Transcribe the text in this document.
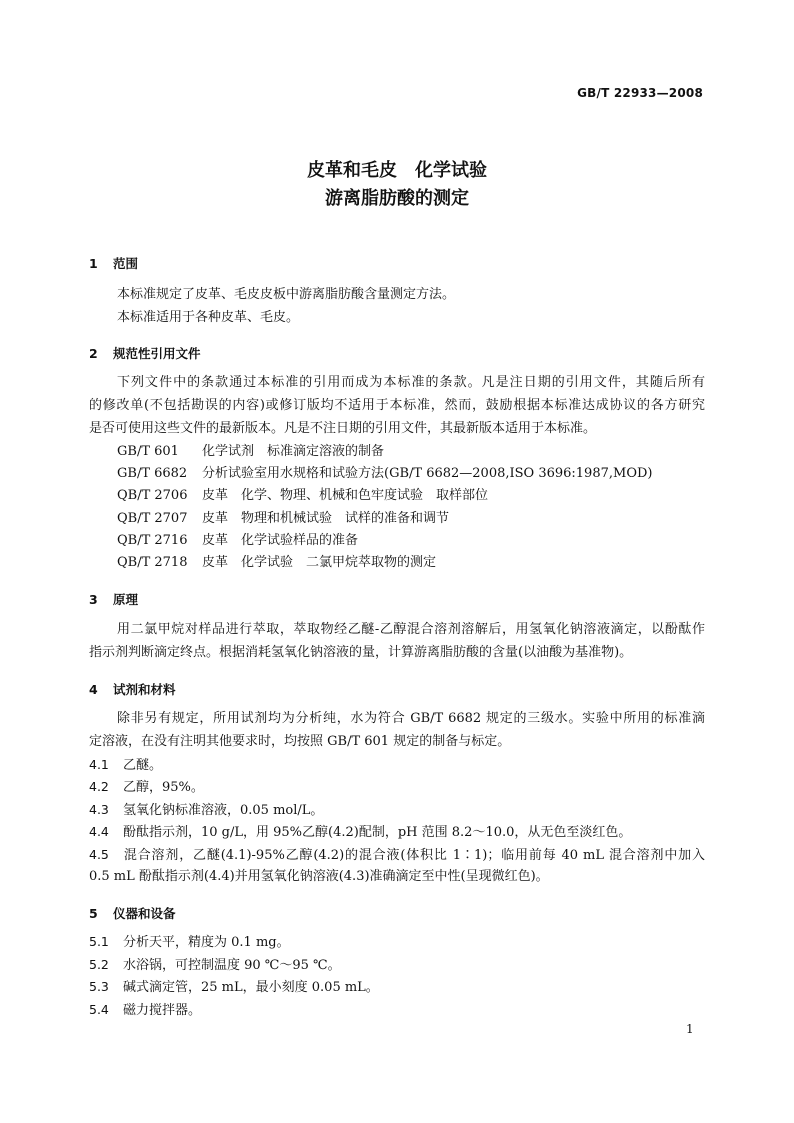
GB/T 22933—2008
皮革和毛皮　化学试验
游离脂肪酸的测定
1 范围
本标准规定了皮革、毛皮皮板中游离脂肪酸含量测定方法。
本标准适用于各种皮革、毛皮。
2 规范性引用文件
下列文件中的条款通过本标准的引用而成为本标准的条款。凡是注日期的引用文件，其随后所有
的修改单(不包括勘误的内容)或修订版均不适用于本标准，然而，鼓励根据本标准达成协议的各方研究
是否可使用这些文件的最新版本。凡是不注日期的引用文件，其最新版本适用于本标准。
GB/T 601 化学试剂　标准滴定溶液的制备
GB/T 6682 分析试验室用水规格和试验方法(GB/T 6682—2008,ISO 3696:1987,MOD)
QB/T 2706 皮革　化学、物理、机械和色牢度试验　取样部位
QB/T 2707 皮革　物理和机械试验　试样的准备和调节
QB/T 2716 皮革　化学试验样品的准备
QB/T 2718 皮革　化学试验　二氯甲烷萃取物的测定
3 原理
用二氯甲烷对样品进行萃取，萃取物经乙醚-乙醇混合溶剂溶解后，用氢氧化钠溶液滴定，以酚酞作
指示剂判断滴定终点。根据消耗氢氧化钠溶液的量，计算游离脂肪酸的含量(以油酸为基准物)。
4 试剂和材料
除非另有规定，所用试剂均为分析纯，水为符合 GB/T 6682 规定的三级水。实验中所用的标准滴
定溶液，在没有注明其他要求时，均按照 GB/T 601 规定的制备与标定。
4.1 乙醚。
4.2 乙醇，95%。
4.3 氢氧化钠标准溶液，0.05 mol/L。
4.4 酚酞指示剂，10 g/L，用 95%乙醇(4.2)配制，pH 范围 8.2～10.0，从无色至淡红色。
4.5 混合溶剂，乙醚(4.1)-95%乙醇(4.2)的混合液(体积比 1∶1)；临用前每 40 mL 混合溶剂中加入
0.5 mL 酚酞指示剂(4.4)并用氢氧化钠溶液(4.3)准确滴定至中性(呈现微红色)。
5 仪器和设备
5.1 分析天平，精度为 0.1 mg。
5.2 水浴锅，可控制温度 90 ℃～95 ℃。
5.3 碱式滴定管，25 mL，最小刻度 0.05 mL。
5.4 磁力搅拌器。
1
